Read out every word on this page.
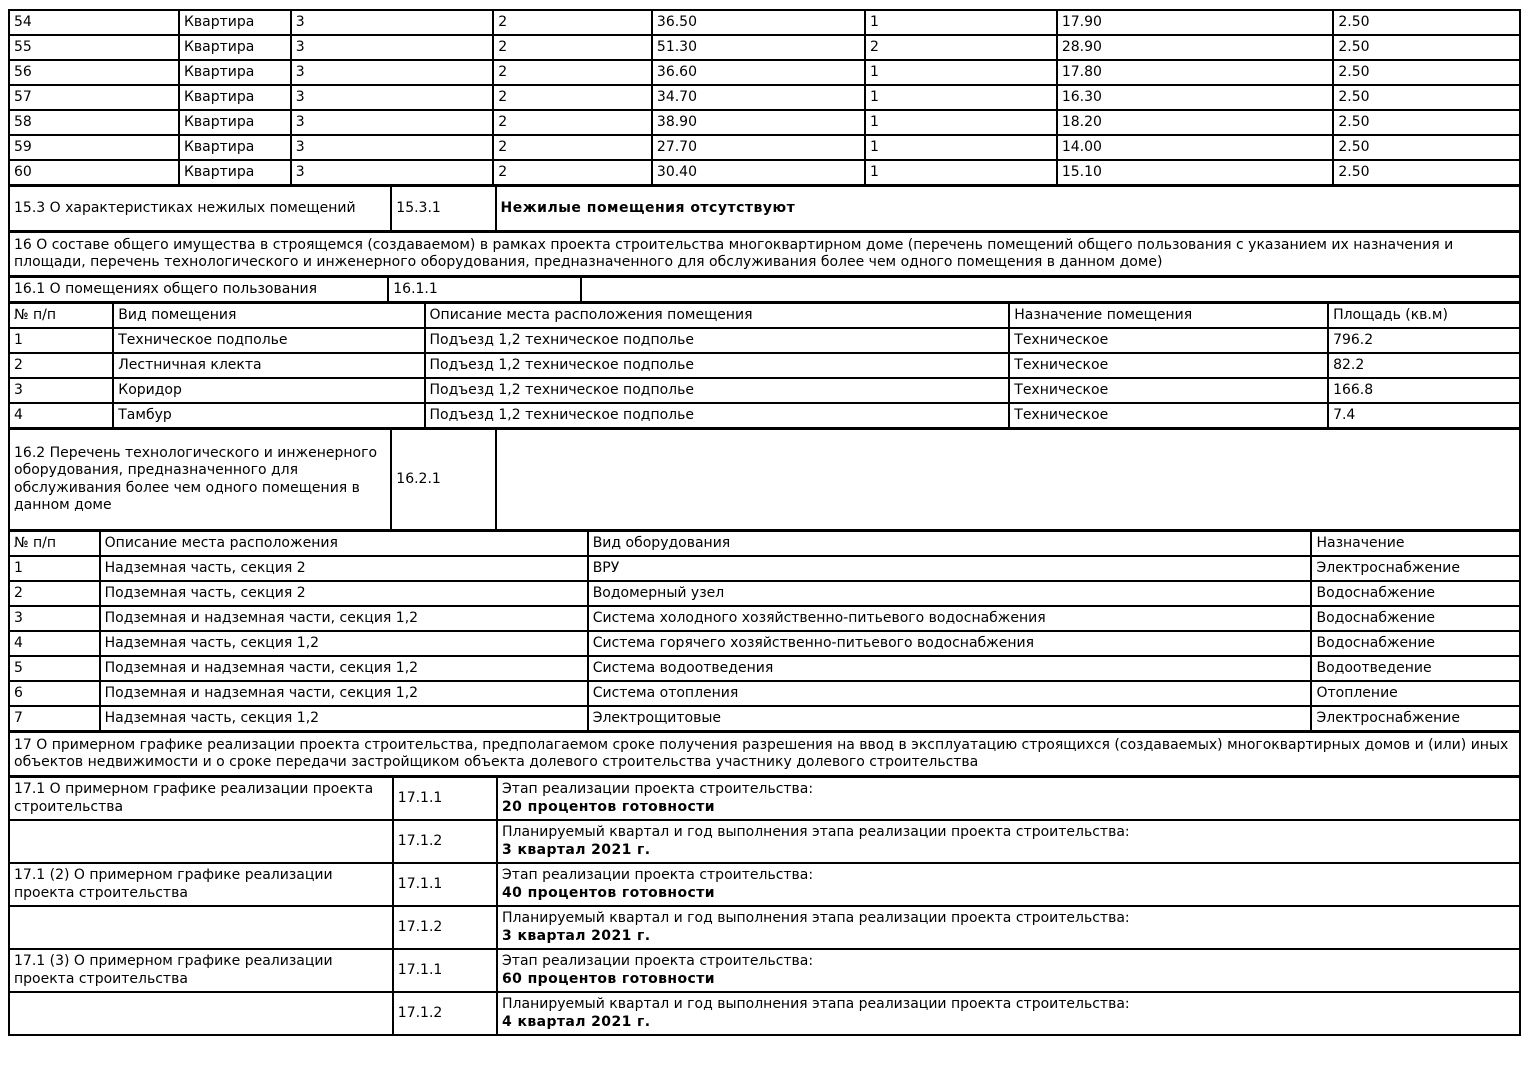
54	Квартира	3	2	36.50	1	17.90	2.50
55	Квартира	3	2	51.30	2	28.90	2.50
56	Квартира	3	2	36.60	1	17.80	2.50
57	Квартира	3	2	34.70	1	16.30	2.50
58	Квартира	3	2	38.90	1	18.20	2.50
59	Квартира	3	2	27.70	1	14.00	2.50
60	Квартира	3	2	30.40	1	15.10	2.50
15.3 О характеристиках нежилых помещений	15.3.1	Нежилые помещения отсутствуют
16 О составе общего имущества в строящемся (создаваемом) в рамках проекта строительства многоквартирном доме (перечень помещений общего пользования с указанием их назначения и площади, перечень технологического и инженерного оборудования, предназначенного для обслуживания более чем одного помещения в данном доме)
16.1 О помещениях общего пользования	16.1.1	
№ п/п	Вид помещения	Описание места расположения помещения	Назначение помещения	Площадь (кв.м)
1	Техническое подполье	Подъезд 1,2 техническое подполье	Техническое	796.2
2	Лестничная клекта	Подъезд 1,2 техническое подполье	Техническое	82.2
3	Коридор	Подъезд 1,2 техническое подполье	Техническое	166.8
4	Тамбур	Подъезд 1,2 техническое подполье	Техническое	7.4
16.2 Перечень технологического и инженерного оборудования, предназначенного для обслуживания более чем одного помещения в данном доме	16.2.1	
№ п/п	Описание места расположения	Вид оборудования	Назначение
1	Надземная часть, секция 2	ВРУ	Электроснабжение
2	Подземная часть, секция 2	Водомерный узел	Водоснабжение
3	Подземная и надземная части, секция 1,2	Система холодного хозяйственно-питьевого водоснабжения	Водоснабжение
4	Надземная часть, секция 1,2	Система горячего хозяйственно-питьевого водоснабжения	Водоснабжение
5	Подземная и надземная части, секция 1,2	Система водоотведения	Водоотведение
6	Подземная и надземная части, секция 1,2	Система отопления	Отопление
7	Надземная часть, секция 1,2	Электрощитовые	Электроснабжение
17 О примерном графике реализации проекта строительства, предполагаемом сроке получения разрешения на ввод в эксплуатацию строящихся (создаваемых) многоквартирных домов и (или) иных объектов недвижимости и о сроке передачи застройщиком объекта долевого строительства участнику долевого строительства
17.1 О примерном графике реализации проекта строительства	17.1.1	Этап реализации проекта строительства:
20 процентов готовности

	17.1.2	Планируемый квартал и год выполнения этапа реализации проекта строительства:
3 квартал 2021 г.

17.1 (2) О примерном графике реализации проекта строительства	17.1.1	Этап реализации проекта строительства:
40 процентов готовности

	17.1.2	Планируемый квартал и год выполнения этапа реализации проекта строительства:
3 квартал 2021 г.

17.1 (3) О примерном графике реализации проекта строительства	17.1.1	Этап реализации проекта строительства:
60 процентов готовности

	17.1.2	Планируемый квартал и год выполнения этапа реализации проекта строительства:
4 квартал 2021 г.
